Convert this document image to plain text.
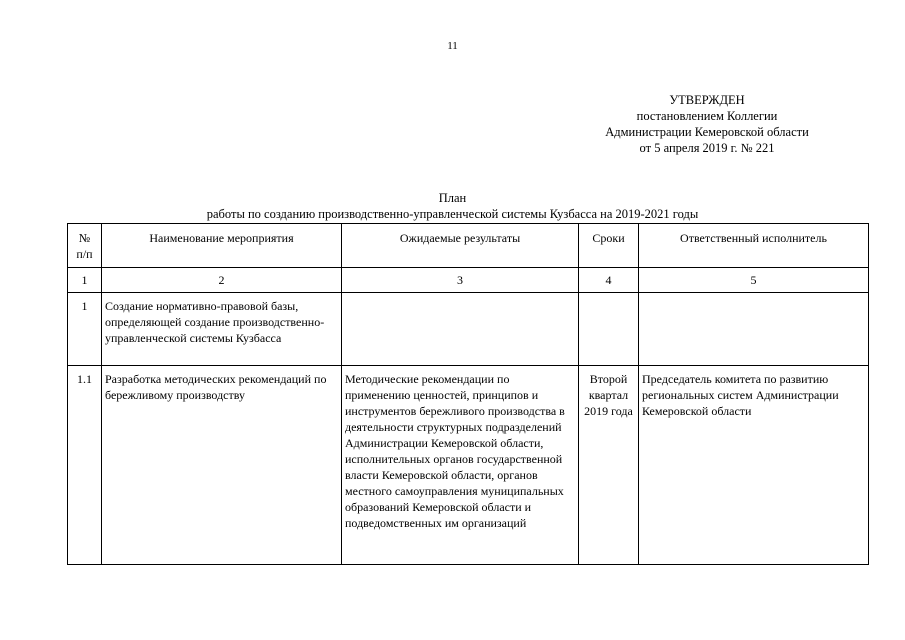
11
УТВЕРЖДЕН
постановлением Коллегии
Администрации Кемеровской области
от 5 апреля 2019 г. № 221
План
работы по созданию производственно-управленческой системы Кузбасса на 2019-2021 годы
№
п/п	Наименование мероприятия	Ожидаемые результаты	Сроки	Ответственный исполнитель
1	2	3	4	5
1	Создание нормативно-правовой базы, определяющей создание производственно-управленческой системы Кузбасса			
1.1	Разработка методических рекомендаций по бережливому производству	Методические рекомендации по применению ценностей, принципов и инструментов бережливого производства в деятельности структурных подразделений Администрации Кемеровской области, исполнительных органов государственной власти Кемеровской области, органов местного самоуправления муниципальных образований Кемеровской области и подведомственных им организаций	Второй квартал 2019 года	Председатель комитета по развитию региональных систем Администрации Кемеровской области
